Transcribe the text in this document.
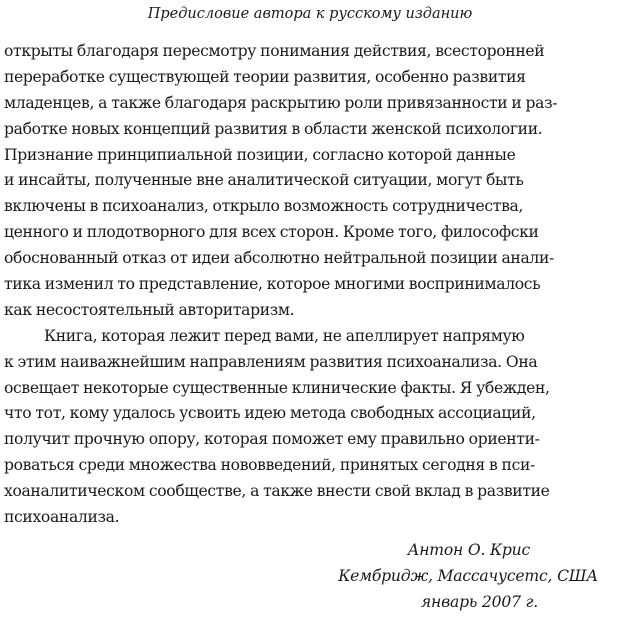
Предисловие автора к русскому изданию
открыты благодаря пересмотру понимания действия, всесторонней
переработке существующей теории развития, особенно развития
младенцев, а также благодаря раскрытию роли привязанности и раз-
работке новых концепций развития в области женской психологии.
Признание принципиальной позиции, согласно которой данные
и инсайты, полученные вне аналитической ситуации, могут быть
включены в психоанализ, открыло возможность сотрудничества,
ценного и плодотворного для всех сторон. Кроме того, философски
обоснованный отказ от идеи абсолютно нейтральной позиции анали-
тика изменил то представление, которое многими воспринималось
как несостоятельный авторитаризм.
Книга, которая лежит перед вами, не апеллирует напрямую
к этим наиважнейшим направлениям развития психоанализа. Она
освещает некоторые существенные клинические факты. Я убежден,
что тот, кому удалось усвоить идею метода свободных ассоциаций,
получит прочную опору, которая поможет ему правильно ориенти-
роваться среди множества нововведений, принятых сегодня в пси-
хоаналитическом сообществе, а также внести свой вклад в развитие
психоанализа.
Антон О. Крис
Кембридж, Массачусетс, США
январь 2007 г.
